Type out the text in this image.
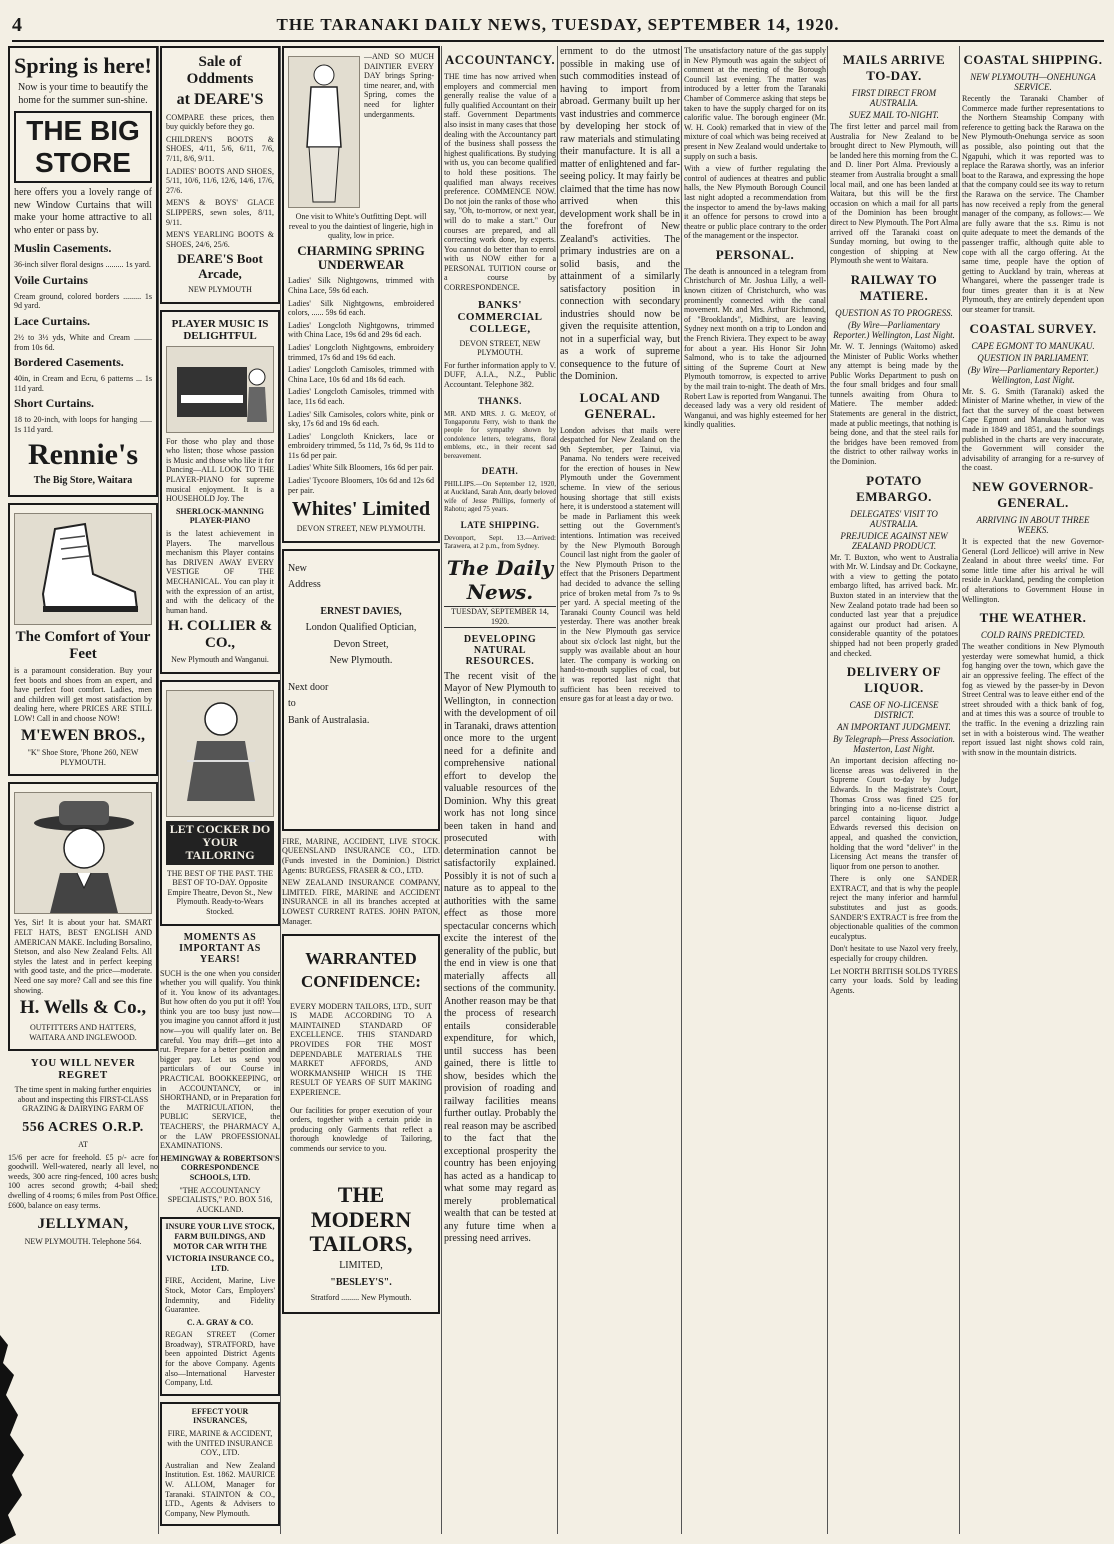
4	THE TARANAKI DAILY NEWS, TUESDAY, SEPTEMBER 14, 1920.
Spring is here!
Now is your time to beautify the home for the summer sun-shine.
THE BIG STORE
here offers you a lovely range of new Window Curtains that will make your home attractive to all who enter or pass by.
Muslin Casements.
36-inch silver floral designs ......... 1s yard.
Voile Curtains
Cream ground, colored borders ......... 1s 9d yard.
Lace Curtains.
2½ to 3½ yds, White and Cream ......... from 10s 6d.
Bordered Casements.
40in, in Cream and Ecru, 6 patterns ... 1s 11d yard.
Short Curtains.
18 to 20-inch, with loops for hanging ...... 1s 11d yard.
Rennie's
The Big Store, Waitara
The Comfort of Your Feet
is a paramount consideration. Buy your feet boots and shoes from an expert, and have perfect foot comfort. Ladies, men and children will get most satisfaction by dealing here, where PRICES ARE STILL LOW! Call in and choose NOW!
M'EWEN BROS.,
"K" Shoe Store, 'Phone 260, NEW PLYMOUTH.
Yes, Sir! It is about your hat. SMART FELT HATS, BEST ENGLISH AND AMERICAN MAKE. Including Borsalino, Stetson, and also New Zealand Felts. All styles the latest and in perfect keeping with good taste, and the price—moderate. Need one say more? Call and see this fine showing.
H. Wells & Co.,
OUTFITTERS AND HATTERS, WAITARA AND INGLEWOOD.
YOU WILL NEVER REGRET
The time spent in making further enquiries about and inspecting this FIRST-CLASS GRAZING & DAIRYING FARM OF
556 ACRES O.R.P.
AT
15/6 per acre for freehold. £5 p/- acre for goodwill. Well-watered, nearly all level, no weeds, 300 acre ring-fenced, 100 acres bush; 100 acres second growth; 4-bail shed; dwelling of 4 rooms; 6 miles from Post Office. £600, balance on easy terms.
JELLYMAN,
NEW PLYMOUTH. Telephone 564.
Sale of Oddments
at DEARE'S
COMPARE these prices, then buy quickly before they go.
CHILDREN'S BOOTS & SHOES, 4/11, 5/6, 6/11, 7/6, 7/11, 8/6, 9/11.
LADIES' BOOTS AND SHOES, 5/11, 10/6, 11/6, 12/6, 14/6, 17/6, 27/6.
MEN'S & BOYS' GLACE SLIPPERS, sewn soles, 8/11, 9/11.
MEN'S YEARLING BOOTS & SHOES, 24/6, 25/6.
DEARE'S Boot Arcade,
NEW PLYMOUTH
PLAYER MUSIC IS DELIGHTFUL
For those who play and those who listen; those whose passion is Music and those who like it for Dancing—ALL LOOK TO THE PLAYER-PIANO for supreme musical enjoyment. It is a HOUSEHOLD Joy. The
SHERLOCK-MANNING PLAYER-PIANO
is the latest achievement in Players. The marvellous mechanism this Player contains has DRIVEN AWAY EVERY VESTIGE OF THE MECHANICAL. You can play it with the expression of an artist, and with the delicacy of the human hand.
H. COLLIER & CO.,
New Plymouth and Wanganui.
LET COCKER DO YOUR TAILORING
THE BEST OF THE PAST. THE BEST OF TO-DAY. Opposite Empire Theatre, Devon St., New Plymouth. Ready-to-Wears Stocked.
MOMENTS AS IMPORTANT AS YEARS!
SUCH is the one when you consider whether you will qualify. You think of it. You know of its advantages. But how often do you put it off! You think you are too busy just now—you imagine you cannot afford it just now—you will qualify later on. Be careful. You may drift—get into a rut. Prepare for a better position and bigger pay. Let us send you particulars of our Course in PRACTICAL BOOKKEEPING, or in ACCOUNTANCY, or in SHORTHAND, or in Preparation for the MATRICULATION, the PUBLIC SERVICE, the TEACHERS', the PHARMACY A, or the LAW PROFESSIONAL EXAMINATIONS.
HEMINGWAY & ROBERTSON'S CORRESPONDENCE SCHOOLS, LTD.
"THE ACCOUNTANCY SPECIALISTS," P.O. BOX 516, AUCKLAND.
INSURE YOUR LIVE STOCK, FARM BUILDINGS, AND MOTOR CAR WITH THE
VICTORIA INSURANCE CO., LTD.
FIRE, Accident, Marine, Live Stock, Motor Cars, Employers' Indemnity, and Fidelity Guarantee.
C. A. GRAY & CO.
REGAN STREET (Corner Broadway), STRATFORD, have been appointed District Agents for the above Company. Agents also—International Harvester Company, Ltd.
EFFECT YOUR INSURANCES,
FIRE, MARINE & ACCIDENT, with the UNITED INSURANCE COY., LTD.
Australian and New Zealand Institution. Est. 1862. MAURICE W. ALLOM, Manager for Taranaki. STAINTON & CO., LTD., Agents & Advisers to Company, New Plymouth.
—AND SO MUCH DAINTIER EVERY DAY brings Spring-time nearer, and, with Spring, comes the need for lighter underganments.
One visit to White's Outfitting Dept. will reveal to you the daintiest of lingerie, high in quality, low in price.
CHARMING SPRING UNDERWEAR
Ladies' Silk Nightgowns, trimmed with China Lace, 59s 6d each.
Ladies' Silk Nightgowns, embroidered colors, ...... 59s 6d each.
Ladies' Longcloth Nightgowns, trimmed with China Lace, 19s 6d and 29s 6d each.
Ladies' Longcloth Nightgowns, embroidery trimmed, 17s 6d and 19s 6d each.
Ladies' Longcloth Camisoles, trimmed with China Lace, 10s 6d and 18s 6d each.
Ladies' Longcloth Camisoles, trimmed with lace, 11s 6d each.
Ladies' Silk Camisoles, colors white, pink or sky, 17s 6d and 19s 6d each.
Ladies' Longcloth Knickers, lace or embroidery trimmed, 5s 11d, 7s 6d, 9s 11d to 11s 6d per pair.
Ladies' White Silk Bloomers, 16s 6d per pair.
Ladies' Tycoore Bloomers, 10s 6d and 12s 6d per pair.
Whites' Limited
DEVON STREET, NEW PLYMOUTH.
New
Address
ERNEST DAVIES,
London Qualified Optician,
Devon Street,
New Plymouth.
Next door
to
Bank of Australasia.
FIRE, MARINE, ACCIDENT, LIVE STOCK. QUEENSLAND INSURANCE CO., LTD. (Funds invested in the Dominion.) District Agents: BURGESS, FRASER & CO., LTD.
NEW ZEALAND INSURANCE COMPANY, LIMITED. FIRE, MARINE and ACCIDENT INSURANCE in all its branches accepted at LOWEST CURRENT RATES. JOHN PATON, Manager.
WARRANTED
CONFIDENCE:
EVERY MODERN TAILORS, LTD., SUIT IS MADE ACCORDING TO A MAINTAINED STANDARD OF EXCELLENCE. THIS STANDARD PROVIDES FOR THE MOST DEPENDABLE MATERIALS THE MARKET AFFORDS, AND WORKMANSHIP WHICH IS THE RESULT OF YEARS OF SUIT MAKING EXPERIENCE.
Our facilities for proper execution of your orders, together with a certain pride in producing only Garments that reflect a thorough knowledge of Tailoring, commends our service to you.
THE MODERN TAILORS,
LIMITED,
"BESLEY'S".
Stratford ......... New Plymouth.
ACCOUNTANCY.
THE time has now arrived when employers and commercial men generally realise the value of a fully qualified Accountant on their staff. Government Departments also insist in many cases that those dealing with the Accountancy part of the business shall possess the highest qualifications. By studying with us, you can become qualified to hold these positions. The qualified man always receives preference. COMMENCE NOW. Do not join the ranks of those who say, "Oh, to-morrow, or next year, will do to make a start." Our courses are prepared, and all correcting work done, by experts. You cannot do better than to enrol with us NOW either for a PERSONAL TUITION course or a course by CORRESPONDENCE.
BANKS' COMMERCIAL COLLEGE,
DEVON STREET, NEW PLYMOUTH.
For further information apply to V. DUFF, A.I.A., N.Z., Public Accountant. Telephone 382.
THANKS.
MR. AND MRS. J. G. McEOY, of Tongaporutu Ferry, wish to thank the people for sympathy shown by condolence letters, telegrams, floral emblems, etc., in their recent sad bereavement.
DEATH.
PHILLIPS.—On September 12, 1920, at Auckland, Sarah Ann, dearly beloved wife of Jesse Phillips, formerly of Rahotu; aged 75 years.
LATE SHIPPING.
Devonport, Sept. 13.—Arrived: Tarawera, at 2 p.m., from Sydney.
The Daily News.
TUESDAY, SEPTEMBER 14, 1920.
DEVELOPING NATURAL RESOURCES.
The recent visit of the Mayor of New Plymouth to Wellington, in connection with the development of oil in Taranaki, draws attention once more to the urgent need for a definite and comprehensive national effort to develop the valuable resources of the Dominion. Why this great work has not long since been taken in hand and prosecuted with determination cannot be satisfactorily explained. Possibly it is not of such a nature as to appeal to the authorities with the same effect as those more spectacular concerns which excite the interest of the generality of the public, but the end in view is one that materially affects all sections of the community. Another reason may be that the process of research entails considerable expenditure, for which, until success has been gained, there is little to show, besides which the provision of roading and railway facilities means further outlay. Probably the real reason may be ascribed to the fact that the exceptional prosperity the country has been enjoying has acted as a handicap to what some may regard as merely problematical wealth that can be tested at any future time when a pressing need arrives.
ernment to do the utmost possible in making use of such commodities instead of having to import from abroad. Germany built up her vast industries and commerce by developing her stock of raw materials and stimulating their manufacture. It is all a matter of enlightened and far-seeing policy. It may fairly be claimed that the time has now arrived when this development work shall be in the forefront of New Zealand's activities. The primary industries are on a solid basis, and the attainment of a similarly satisfactory position in connection with secondary industries should now be given the requisite attention, not in a superficial way, but as a work of supreme consequence to the future of the Dominion.
LOCAL AND GENERAL.
London advises that mails were despatched for New Zealand on the 9th September, per Tainui, via Panama. No tenders were received for the erection of houses in New Plymouth under the Government scheme. In view of the serious housing shortage that still exists here, it is understood a statement will be made in Parliament this week setting out the Government's intentions. Intimation was received by the New Plymouth Borough Council last night from the gaoler of the New Plymouth Prison to the effect that the Prisoners Department had decided to advance the selling price of broken metal from 7s to 9s per yard. A special meeting of the Taranaki County Council was held yesterday. There was another break in the New Plymouth gas service about six o'clock last night, but the supply was available about an hour later. The company is working on hand-to-mouth supplies of coal, but it was reported last night that sufficient has been received to ensure gas for at least a day or two.
The unsatisfactory nature of the gas supply in New Plymouth was again the subject of comment at the meeting of the Borough Council last evening. The matter was introduced by a letter from the Taranaki Chamber of Commerce asking that steps be taken to have the supply charged for on its calorific value. The borough engineer (Mr. W. H. Cook) remarked that in view of the mixture of coal which was being received at present in New Zealand would undertake to supply on such a basis.
With a view of further regulating the control of audiences at theatres and public halls, the New Plymouth Borough Council last night adopted a recommendation from the inspector to amend the by-laws making it an offence for persons to crowd into a theatre or public place contrary to the order of the management or the inspector.
PERSONAL.
The death is announced in a telegram from Christchurch of Mr. Joshua Lilly, a well-known citizen of Christchurch, who was prominently connected with the canal movement. Mr. and Mrs. Arthur Richmond, of "Brooklands", Midhirst, are leaving Sydney next month on a trip to London and the French Riviera. They expect to be away for about a year. His Honor Sir John Salmond, who is to take the adjourned sitting of the Supreme Court at New Plymouth tomorrow, is expected to arrive by the mail train to-night. The death of Mrs. Robert Law is reported from Wanganui. The deceased lady was a very old resident of Wanganui, and was highly esteemed for her kindly qualities.
MAILS ARRIVE TO-DAY.
FIRST DIRECT FROM AUSTRALIA.
SUEZ MAIL TO-NIGHT.
The first letter and parcel mail from Australia for New Zealand to be brought direct to New Plymouth, will be landed here this morning from the C. and D. liner Port Alma. Previously a steamer from Australia brought a small local mail, and one has been landed at Waitara, but this will be the first occasion on which a mail for all parts of the Dominion has been brought direct to New Plymouth. The Port Alma arrived off the Taranaki coast on Sunday morning, but owing to the congestion of shipping at New Plymouth she went to Waitara.
RAILWAY TO MATIERE.
QUESTION AS TO PROGRESS.
(By Wire—Parliamentary Reporter.) Wellington, Last Night.
Mr. W. T. Jennings (Waitomo) asked the Minister of Public Works whether any attempt is being made by the Public Works Department to push on the four small bridges and four small tunnels awaiting from Ohura to Matiere. The member added: Statements are general in the district, made at public meetings, that nothing is being done, and that the steel rails for the bridges have been removed from the district to other railway works in the Dominion.
POTATO EMBARGO.
DELEGATES' VISIT TO AUSTRALIA.
PREJUDICE AGAINST NEW ZEALAND PRODUCT.
Mr. T. Buxton, who went to Australia with Mr. W. Lindsay and Dr. Cockayne, with a view to getting the potato embargo lifted, has arrived back. Mr. Buxton stated in an interview that the New Zealand potato trade had been so conducted last year that a prejudice against our product had arisen. A considerable quantity of the potatoes shipped had not been properly graded and checked.
DELIVERY OF LIQUOR.
CASE OF NO-LICENSE DISTRICT.
AN IMPORTANT JUDGMENT.
By Telegraph—Press Association. Masterton, Last Night.
An important decision affecting no-license areas was delivered in the Supreme Court to-day by Judge Edwards. In the Magistrate's Court, Thomas Cross was fined £25 for bringing into a no-license district a parcel containing liquor. Judge Edwards reversed this decision on appeal, and quashed the conviction, holding that the word "deliver" in the Licensing Act means the transfer of liquor from one person to another.
There is only one SANDER EXTRACT, and that is why the people reject the many inferior and harmful substitutes and just as goods. SANDER'S EXTRACT is free from the objectionable qualities of the common eucalyptus.
Don't hesitate to use Nazol very freely, especially for croupy children.
Let NORTH BRITISH SOLDS TYRES carry your loads. Sold by leading Agents.
COASTAL SHIPPING.
NEW PLYMOUTH—ONEHUNGA SERVICE.
Recently the Taranaki Chamber of Commerce made further representations to the Northern Steamship Company with reference to getting back the Rarawa on the New Plymouth-Onehunga service as soon as possible, also pointing out that the Ngapuhi, which it was reported was to replace the Rarawa shortly, was an inferior boat to the Rarawa, and expressing the hope that the company could see its way to return the Rarawa on the service. The Chamber has now received a reply from the general manager of the company, as follows:— We are fully aware that the s.s. Rimu is not quite adequate to meet the demands of the passenger traffic, although quite able to cope with all the cargo offering. At the same time, people have the option of getting to Auckland by train, whereas at Whangarei, where the passenger trade is four times greater than it is at New Plymouth, they are entirely dependent upon our steamer for transit.
COASTAL SURVEY.
CAPE EGMONT TO MANUKAU.
QUESTION IN PARLIAMENT.
(By Wire—Parliamentary Reporter.) Wellington, Last Night.
Mr. S. G. Smith (Taranaki) asked the Minister of Marine whether, in view of the fact that the survey of the coast between Cape Egmont and Manukau harbor was made in 1849 and 1851, and the soundings published in the charts are very inaccurate, the Government will consider the advisability of arranging for a re-survey of the coast.
NEW GOVERNOR-GENERAL.
ARRIVING IN ABOUT THREE WEEKS.
It is expected that the new Governor-General (Lord Jellicoe) will arrive in New Zealand in about three weeks' time. For some little time after his arrival he will reside in Auckland, pending the completion of alterations to Government House in Wellington.
THE WEATHER.
COLD RAINS PREDICTED.
The weather conditions in New Plymouth yesterday were somewhat humid, a thick fog hanging over the town, which gave the air an oppressive feeling. The effect of the fog as viewed by the passer-by in Devon Street Central was to leave either end of the street shrouded with a thick bank of fog, and at times this was a source of trouble to the traffic. In the evening a drizzling rain set in with a boisterous wind. The weather report issued last night shows cold rain, with snow in the mountain districts.
